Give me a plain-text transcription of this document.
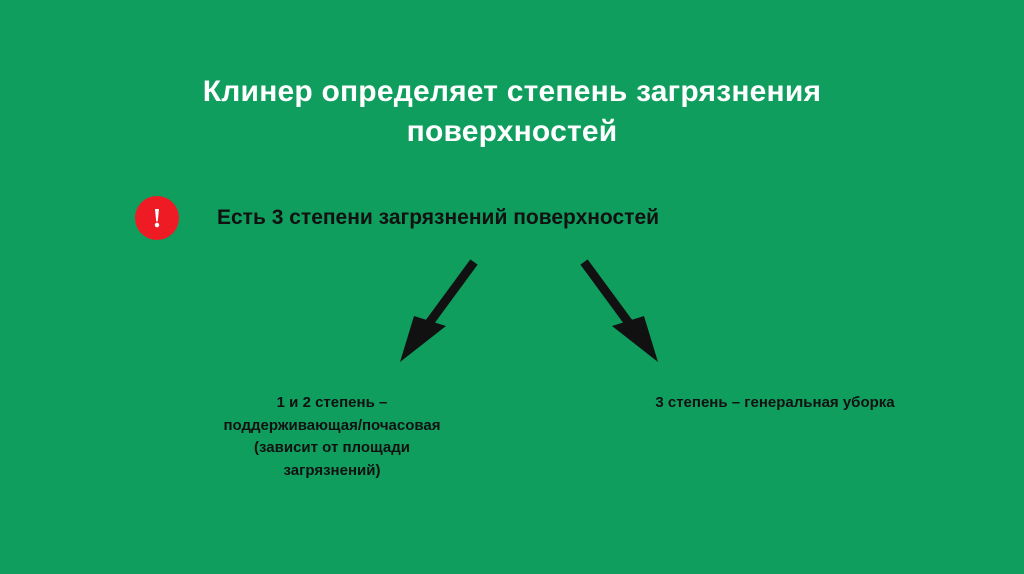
Клинер определяет степень загрязнения поверхностей
!	Есть 3 степени загрязнений поверхностей
1 и 2 степень –
поддерживающая/почасовая
(зависит от площади
загрязнений)
3 степень – генеральная уборка
